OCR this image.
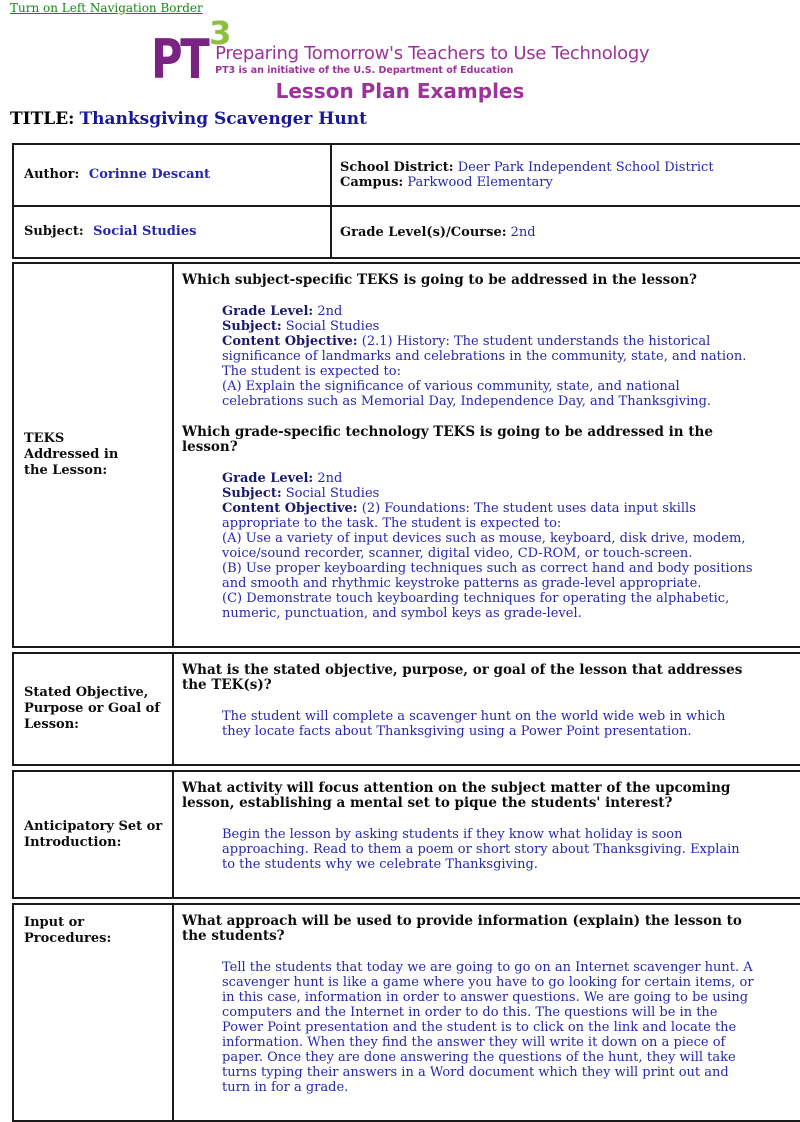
Turn on Left Navigation Border
PT 3
Preparing Tomorrow's Teachers to Use Technology
PT3 is an initiative of the U.S. Department of Education
Lesson Plan Examples
TITLE: Thanksgiving Scavenger Hunt
Author: Corinne Descant	School District: Deer Park Independent School District
Campus: Parkwood Elementary

Subject: Social Studies	Grade Level(s)/Course: 2nd
TEKS Addressed in the Lesson:	

Which subject-specific TEKS is going to be addressed in the lesson?

Grade Level: 2nd
Subject: Social Studies
Content Objective: (2.1) History: The student understands the historical significance of landmarks and celebrations in the community, state, and nation. The student is expected to:
(A) Explain the significance of various community, state, and national celebrations such as Memorial Day, Independence Day, and Thanksgiving.

Which grade-specific technology TEKS is going to be addressed in the lesson?

Grade Level: 2nd
Subject: Social Studies
Content Objective: (2) Foundations: The student uses data input skills appropriate to the task. The student is expected to:
(A) Use a variety of input devices such as mouse, keyboard, disk drive, modem, voice/sound recorder, scanner, digital video, CD-ROM, or touch-screen.
(B) Use proper keyboarding techniques such as correct hand and body positions and smooth and rhythmic keystroke patterns as grade-level appropriate.
(C) Demonstrate touch keyboarding techniques for operating the alphabetic, numeric, punctuation, and symbol keys as grade-level.
Stated Objective, Purpose or Goal of Lesson:	

What is the stated objective, purpose, or goal of the lesson that addresses the TEK(s)?

The student will complete a scavenger hunt on the world wide web in which they locate facts about Thanksgiving using a Power Point presentation.
Anticipatory Set or Introduction:	

What activity will focus attention on the subject matter of the upcoming lesson, establishing a mental set to pique the students' interest?

Begin the lesson by asking students if they know what holiday is soon approaching. Read to them a poem or short story about Thanksgiving. Explain to the students why we celebrate Thanksgiving.
Input or Procedures:	

What approach will be used to provide information (explain) the lesson to the students?

Tell the students that today we are going to go on an Internet scavenger hunt. A scavenger hunt is like a game where you have to go looking for certain items, or in this case, information in order to answer questions. We are going to be using computers and the Internet in order to do this. The questions will be in the Power Point presentation and the student is to click on the link and locate the information. When they find the answer they will write it down on a piece of paper. Once they are done answering the questions of the hunt, they will take turns typing their answers in a Word document which they will print out and turn in for a grade.
